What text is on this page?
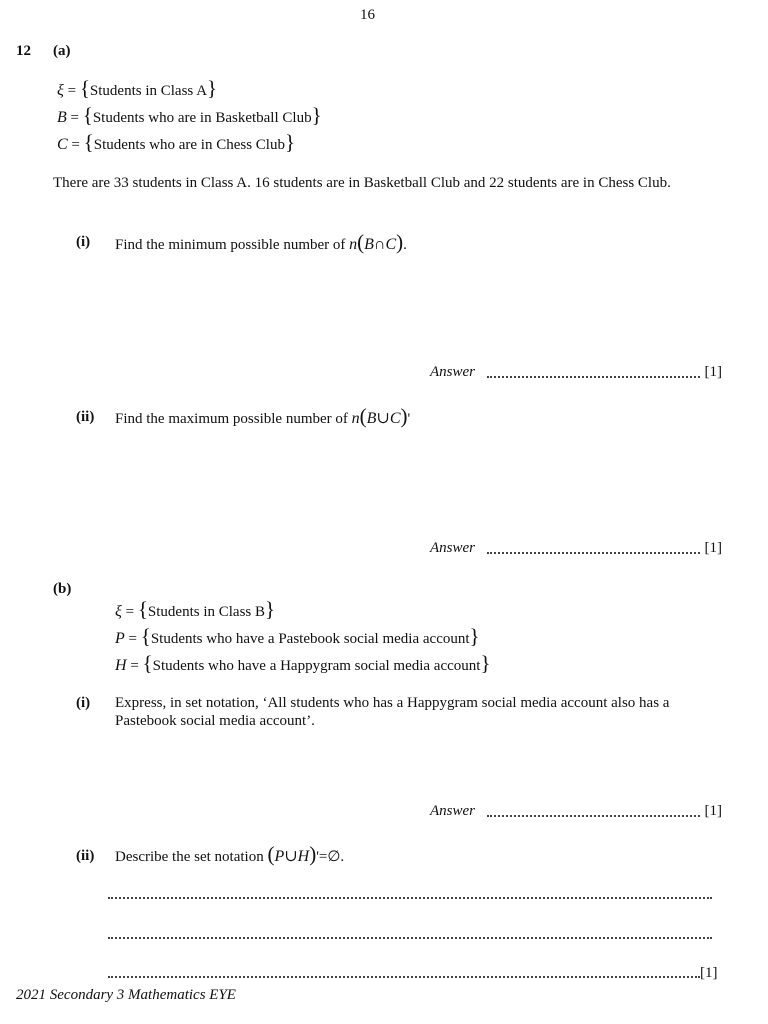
16
12 (a)
ξ = {Students in Class A}
B = {Students who are in Basketball Club}
C = {Students who are in Chess Club}
There are 33 students in Class A. 16 students are in Basketball Club and 22 students are in Chess Club.
(i) Find the minimum possible number of n(B∩C).
Answer	[1]
(ii) Find the maximum possible number of n(B∪C)'
Answer	[1]
(b)
ξ = {Students in Class B}
P = {Students who have a Pastebook social media account}
H = {Students who have a Happygram social media account}
(i) Express, in set notation, ‘All students who has a Happygram social media account also has a Pastebook social media account’.
Answer	[1]
(ii) Describe the set notation (P∪H)'=∅.
[1]
2021 Secondary 3 Mathematics EYE
